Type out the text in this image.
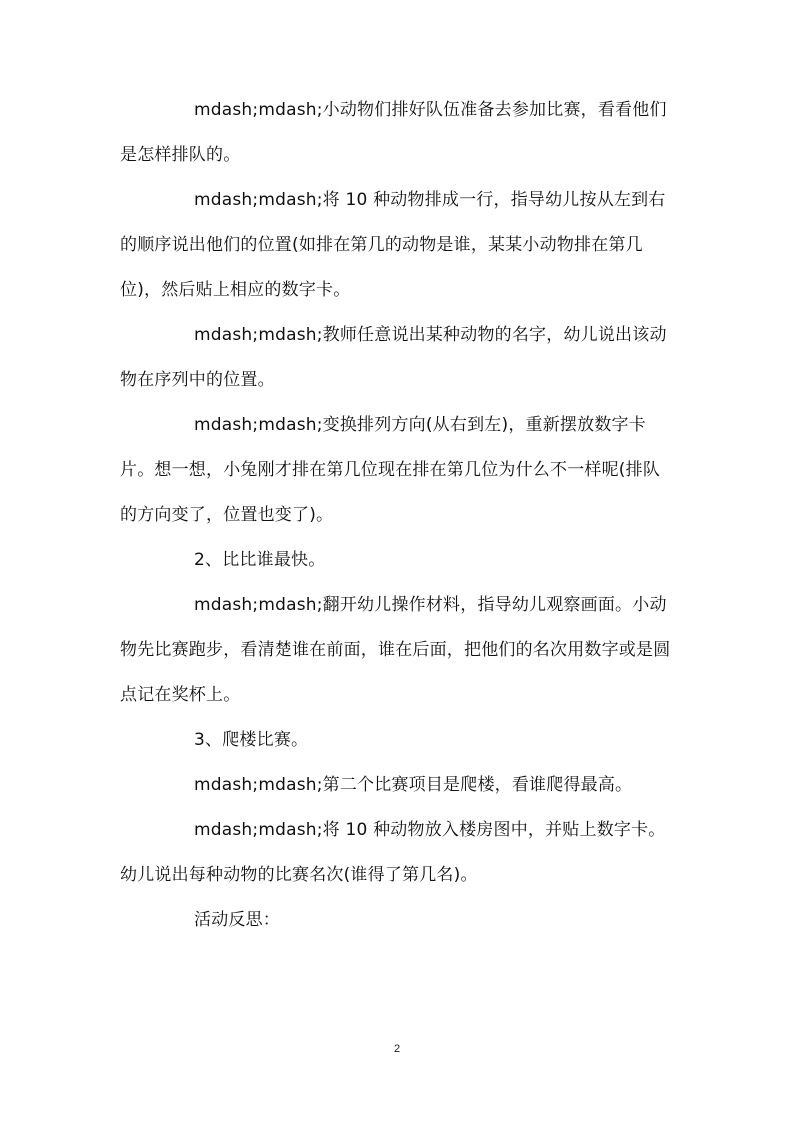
mdash;mdash;小动物们排好队伍准备去参加比赛，看看他们是怎样排队的。

mdash;mdash;将 10 种动物排成一行，指导幼儿按从左到右的顺序说出他们的位置(如排在第几的动物是谁，某某小动物排在第几位)，然后贴上相应的数字卡。

mdash;mdash;教师任意说出某种动物的名字，幼儿说出该动物在序列中的位置。

mdash;mdash;变换排列方向(从右到左)，重新摆放数字卡片。想一想，小兔刚才排在第几位现在排在第几位为什么不一样呢(排队的方向变了，位置也变了)。

2、比比谁最快。

mdash;mdash;翻开幼儿操作材料，指导幼儿观察画面。小动物先比赛跑步，看清楚谁在前面，谁在后面，把他们的名次用数字或是圆点记在奖杯上。

3、爬楼比赛。

mdash;mdash;第二个比赛项目是爬楼，看谁爬得最高。

mdash;mdash;将 10 种动物放入楼房图中，并贴上数字卡。幼儿说出每种动物的比赛名次(谁得了第几名)。

活动反思：

2
